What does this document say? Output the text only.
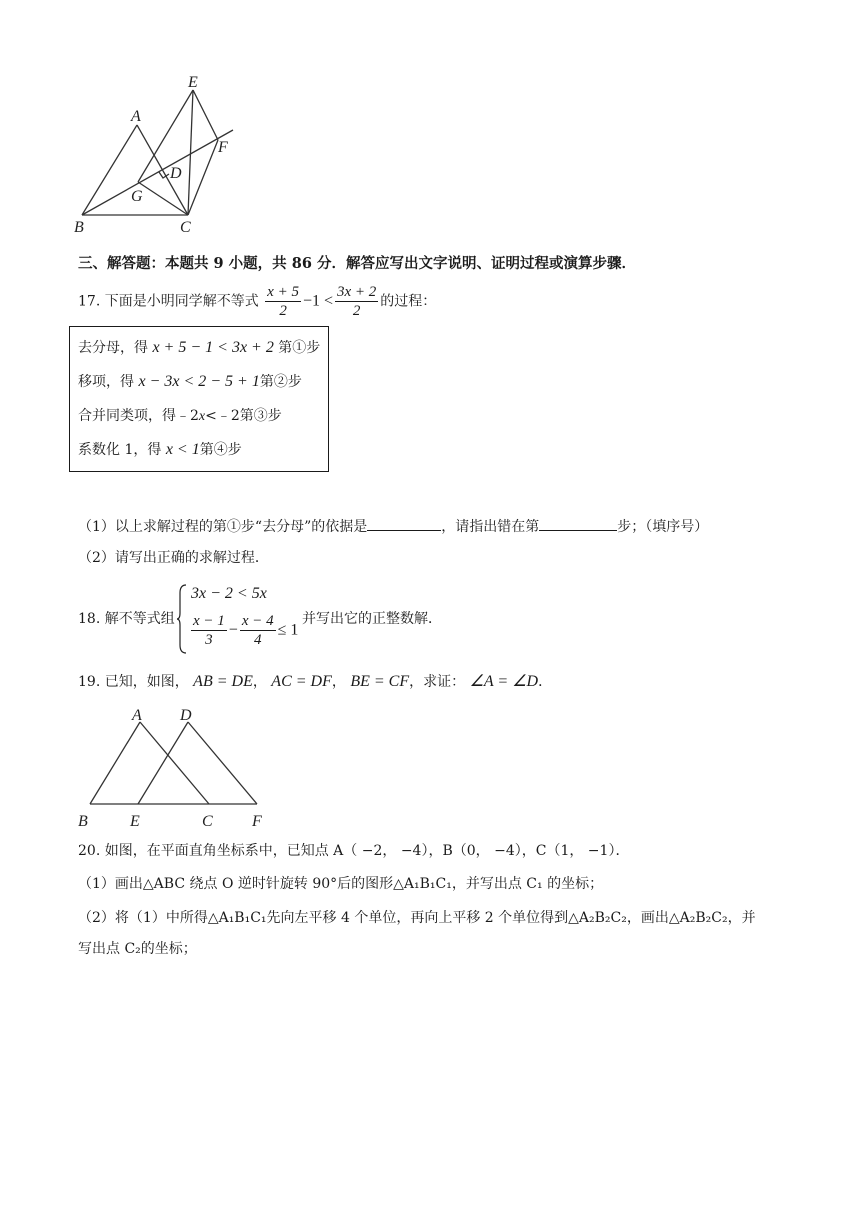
A
E
F
D
G
B	C
三、解答题：本题共 9 小题，共 86 分．解答应写出文字说明、证明过程或演算步骤．
17. 下面是小明同学解不等式 $\frac{x + 5}{2} -1 < \frac{3x + 2}{2}$ 的过程：
去分母，得 x + 5 − 1 < 3x + 2 第①步
移项，得 x − 3x < 2 − 5 + 1第②步
合并同类项，得﹣2x<﹣2第③步
系数化 1，得 x < 1第④步
（1）以上求解过程的第①步“去分母”的依据是	，请指出错在第	步；（填序号）
（2）请写出正确的求解过程．
18. 解不等式组
3x − 2 < 5x
$\frac{x - 1}{3} - \frac{x - 4}{4} \le 1$
并写出它的正整数解．
19. 已知，如图， AB = DE， AC = DF， BE = CF，求证： ∠A = ∠D．
A D
B	E	C F
20. 如图，在平面直角坐标系中，已知点 A（ −2， −4），B（0， −4），C（1， −1）．
（1）画出△ABC 绕点 O 逆时针旋转 90°后的图形△A₁B₁C₁，并写出点 C₁ 的坐标；
（2）将（1）中所得△A₁B₁C₁先向左平移 4 个单位，再向上平移 2 个单位得到△A₂B₂C₂，画出△A₂B₂C₂，并
写出点 C₂的坐标；
